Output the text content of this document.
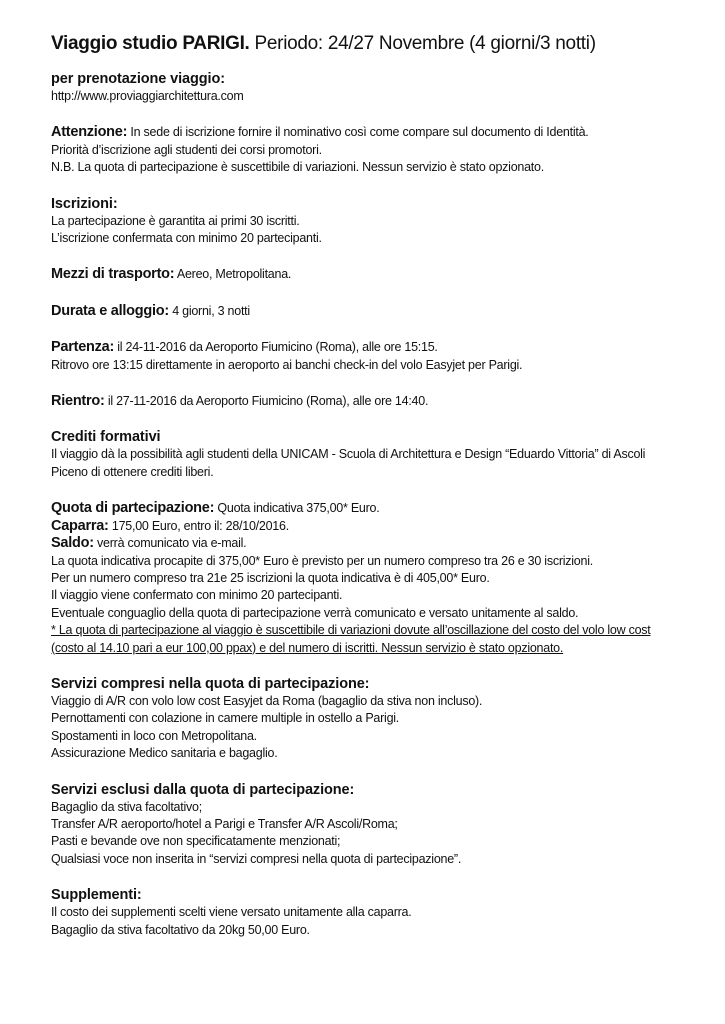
Viaggio studio PARIGI. Periodo: 24/27 Novembre (4 giorni/3 notti)
per prenotazione viaggio:
http://www.proviaggiarchitettura.com
Attenzione: In sede di iscrizione fornire il nominativo così come compare sul documento di Identità.
Priorità d’iscrizione agli studenti dei corsi promotori.
N.B. La quota di partecipazione è suscettibile di variazioni. Nessun servizio è stato opzionato.
Iscrizioni:
La partecipazione è garantita ai primi 30 iscritti.
L’iscrizione confermata con minimo 20 partecipanti.
Mezzi di trasporto: Aereo, Metropolitana.
Durata e alloggio: 4 giorni, 3 notti
Partenza: il 24-11-2016 da Aeroporto Fiumicino (Roma), alle ore 15:15.
Ritrovo ore 13:15 direttamente in aeroporto ai banchi check-in del volo Easyjet per Parigi.
Rientro: il 27-11-2016 da Aeroporto Fiumicino (Roma), alle ore 14:40.
Crediti formativi
Il viaggio dà la possibilità agli studenti della UNICAM - Scuola di Architettura e Design “Eduardo Vittoria” di Ascoli Piceno di ottenere crediti liberi.
Quota di partecipazione: Quota indicativa 375,00* Euro.
Caparra: 175,00 Euro, entro il: 28/10/2016.
Saldo: verrà comunicato via e-mail.
La quota indicativa procapite di 375,00* Euro è previsto per un numero compreso tra 26 e 30 iscrizioni.
Per un numero compreso tra 21e 25 iscrizioni la quota indicativa è di 405,00* Euro.
Il viaggio viene confermato con minimo 20 partecipanti.
Eventuale conguaglio della quota di partecipazione verrà comunicato e versato unitamente al saldo.
* La quota di partecipazione al viaggio è suscettibile di variazioni dovute all’oscillazione del costo del volo low cost
(costo al 14.10 pari a eur 100,00 ppax) e del numero di iscritti. Nessun servizio è stato opzionato.
Servizi compresi nella quota di partecipazione:
Viaggio di A/R con volo low cost Easyjet da Roma (bagaglio da stiva non incluso).
Pernottamenti con colazione in camere multiple in ostello a Parigi.
Spostamenti in loco con Metropolitana.
Assicurazione Medico sanitaria e bagaglio.
Servizi esclusi dalla quota di partecipazione:
Bagaglio da stiva facoltativo;
Transfer A/R aeroporto/hotel a Parigi e Transfer A/R Ascoli/Roma;
Pasti e bevande ove non specificatamente menzionati;
Qualsiasi voce non inserita in “servizi compresi nella quota di partecipazione”.
Supplementi:
Il costo dei supplementi scelti viene versato unitamente alla caparra.
Bagaglio da stiva facoltativo da 20kg 50,00 Euro.
